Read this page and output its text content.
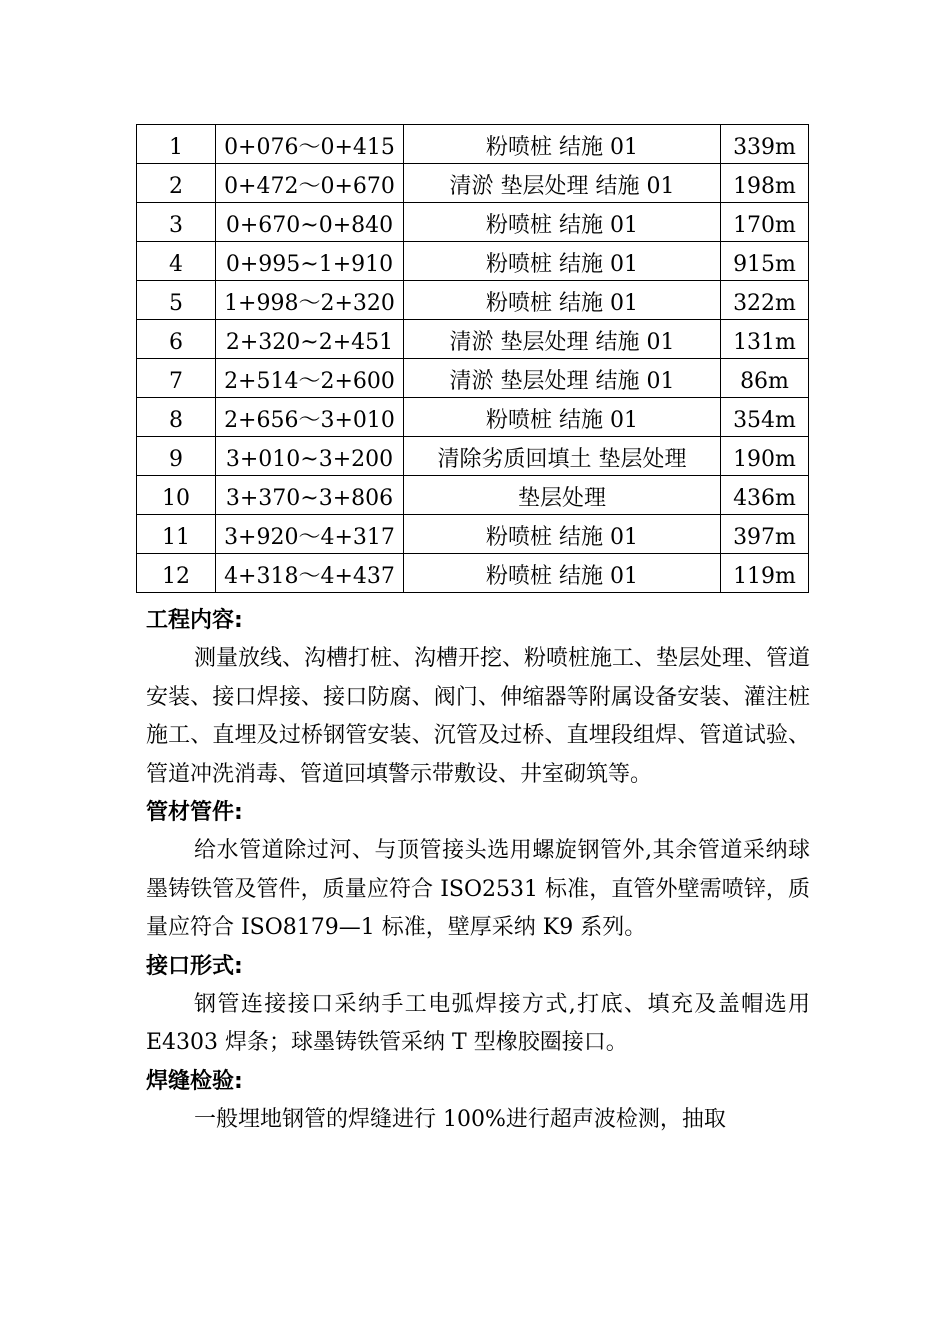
1	0+076～0+415	粉喷桩 结施 01	339m
2	0+472～0+670	清淤 垫层处理 结施 01	198m
3	0+670~0+840	粉喷桩 结施 01	170m
4	0+995~1+910	粉喷桩 结施 01	915m
5	1+998～2+320	粉喷桩 结施 01	322m
6	2+320~2+451	清淤 垫层处理 结施 01	131m
7	2+514～2+600	清淤 垫层处理 结施 01	86m
8	2+656～3+010	粉喷桩 结施 01	354m
9	3+010~3+200	清除劣质回填土 垫层处理	190m
10	3+370~3+806	垫层处理	436m
11	3+920～4+317	粉喷桩 结施 01	397m
12	4+318～4+437	粉喷桩 结施 01	119m

工程内容:

测量放线、沟槽打桩、沟槽开挖、粉喷桩施工、垫层处理、管道安装、接口焊接、接口防腐、阀门、伸缩器等附属设备安装、灌注桩施工、直埋及过桥钢管安装、沉管及过桥、直埋段组焊、管道试验、管道冲洗消毒、管道回填警示带敷设、井室砌筑等。

管材管件:

给水管道除过河、与顶管接头选用螺旋钢管外,其余管道采纳球墨铸铁管及管件，质量应符合 ISO2531 标准，直管外壁需喷锌，质量应符合 ISO8179—1 标准，壁厚采纳 K9 系列。

接口形式:

钢管连接接口采纳手工电弧焊接方式,打底、填充及盖帽选用 E4303 焊条；球墨铸铁管采纳 T 型橡胶圈接口。

焊缝检验:

一般埋地钢管的焊缝进行 100%进行超声波检测，抽取
